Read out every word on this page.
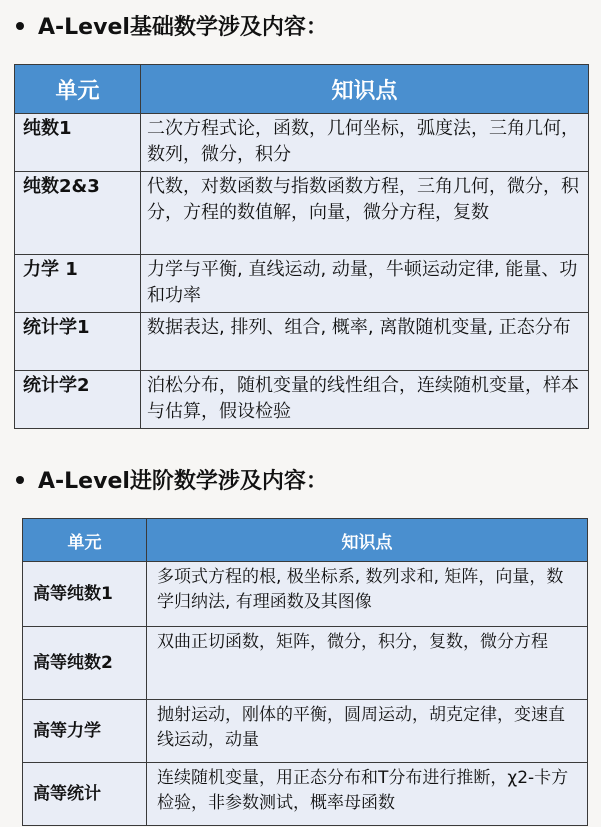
A-Level基础数学涉及内容：
单元	知识点
纯数1	二次方程式论，函数，几何坐标，弧度法，三角几何，数列，微分，积分
纯数2&3	代数，对数函数与指数函数方程，三角几何，微分，积分，方程的数值解，向量，微分方程，复数
力学 1	力学与平衡, 直线运动, 动量，牛顿运动定律, 能量、功和功率
统计学1	数据表达, 排列、组合, 概率, 离散随机变量, 正态分布
统计学2	泊松分布，随机变量的线性组合，连续随机变量，样本与估算，假设检验
A-Level进阶数学涉及内容：
单元	知识点
高等纯数1	多项式方程的根, 极坐标系, 数列求和, 矩阵，向量，数学归纳法, 有理函数及其图像
高等纯数2	双曲正切函数，矩阵，微分，积分，复数，微分方程
高等力学	抛射运动，刚体的平衡，圆周运动，胡克定律，变速直线运动，动量
高等统计	连续随机变量，用正态分布和T分布进行推断，χ2-卡方检验，非参数测试，概率母函数
